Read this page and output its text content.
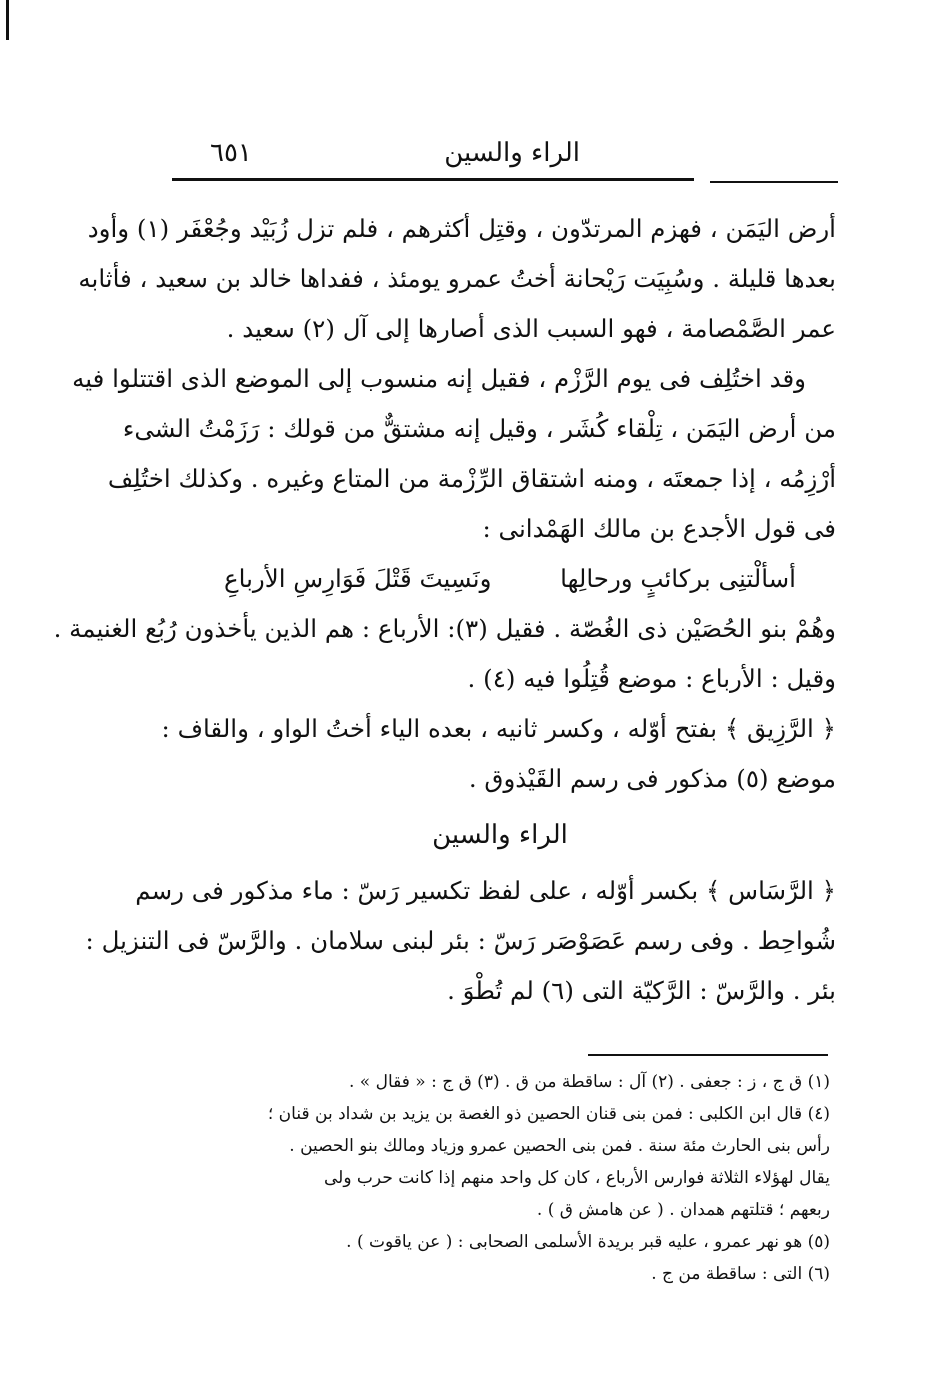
الراء والسين
٦٥١

أرض اليَمَن ، فهزم المرتدّون ، وقتِل أكثرهم ، فلم تزل زُبَيْد وجُعْفَر (١) وأود
بعدها قليلة . وسُبِيَت رَيْحانة أختُ عمرو يومئذ ، ففداها خالد بن سعيد ، فأثابه
عمر الصَّمْصامة ، فهو السبب الذى أصارها إلى آل (٢) سعيد .

وقد اختُلِف فى يوم الرَّزْم ، فقيل إنه منسوب إلى الموضع الذى اقتتلوا فيه
من أرض اليَمَن ، تِلْقاء كُشَر ، وقيل إنه مشتقٌّ من قولك : رَزَمْتُ الشىء
أرْزِمُه ، إذا جمعتَه ، ومنه اشتقاق الرِّزْمة من المتاع وغيره . وكذلك اختُلِف
فى قول الأجدع بن مالك الهَمْدانى :

أسألْتنِى بركائبٍ ورحالِها
ونَسِيتَ قَتْلَ فَوَارِسِ الأرباعِ

وهُمْ بنو الحُصَيْن ذى الغُصّة . فقيل (٣): الأرباع : هم الذين يأخذون رُبُع الغنيمة .
وقيل : الأرباع : موضع قُتِلُوا فيه (٤) .

﴿ الرَّزِيق ﴾ بفتح أوّله ، وكسر ثانيه ، بعده الياء أختُ الواو ، والقاف :
موضع (٥) مذكور فى رسم القَيْذوق .

الراء والسين

﴿ الرَّسَاس ﴾ بكسر أوّله ، على لفظ تكسير رَسّ : ماء مذكور فى رسم
شُواحِط . وفى رسم عَصَوْصَر رَسّ : بئر لبنى سلامان . والرَّسّ فى التنزيل :
بئر . والرَّسّ : الرَّكيّة التى (٦) لم تُطْوَ .

(١) ق ج ، ز : جعفى . (٢) آل : ساقطة من ق . (٣) ق ج : « فقال » .
(٤) قال ابن الكلبى : فمن بنى قنان الحصين ذو الغصة بن يزيد بن شداد بن قنان ؛
رأس بنى الحارث مئة سنة . فمن بنى الحصين عمرو وزياد ومالك بنو الحصين .
يقال لهؤلاء الثلاثة فوارس الأرباع ، كان كل واحد منهم إذا كانت حرب ولى
ربعهم ؛ قتلتهم همدان . ( عن هامش ق ) .
(٥) هو نهر عمرو ، عليه قبر بريدة الأسلمى الصحابى : ( عن ياقوت ) .
(٦) التى : ساقطة من ج .
